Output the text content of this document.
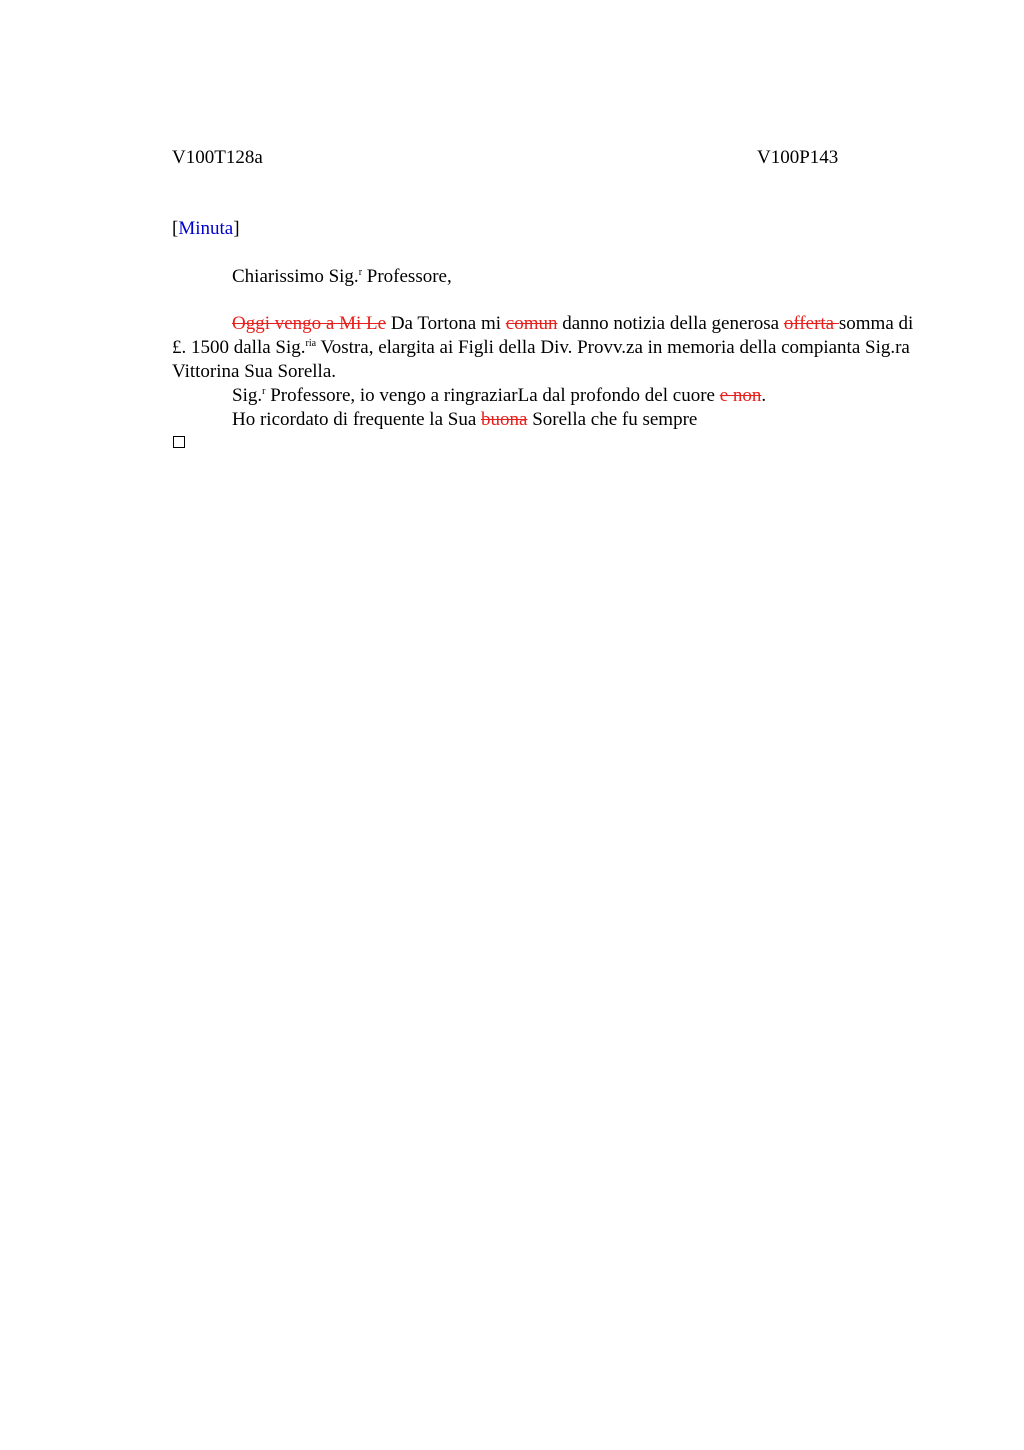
V100T128a	V100P143
[Minuta]
Chiarissimo Sig.$^r$ Professore,

Oggi vengo a Mi Le Da Tortona mi comun danno notizia della generosa offerta somma di £. 1500 dalla Sig.$^{ria}$ Vostra, elargita ai Figli della Div. Provv.za in memoria della compianta Sig.ra Vittorina Sua Sorella.

Sig.$^r$ Professore, io vengo a ringraziarLa dal profondo del cuore e non.

Ho ricordato di frequente la Sua buona Sorella che fu sempre
